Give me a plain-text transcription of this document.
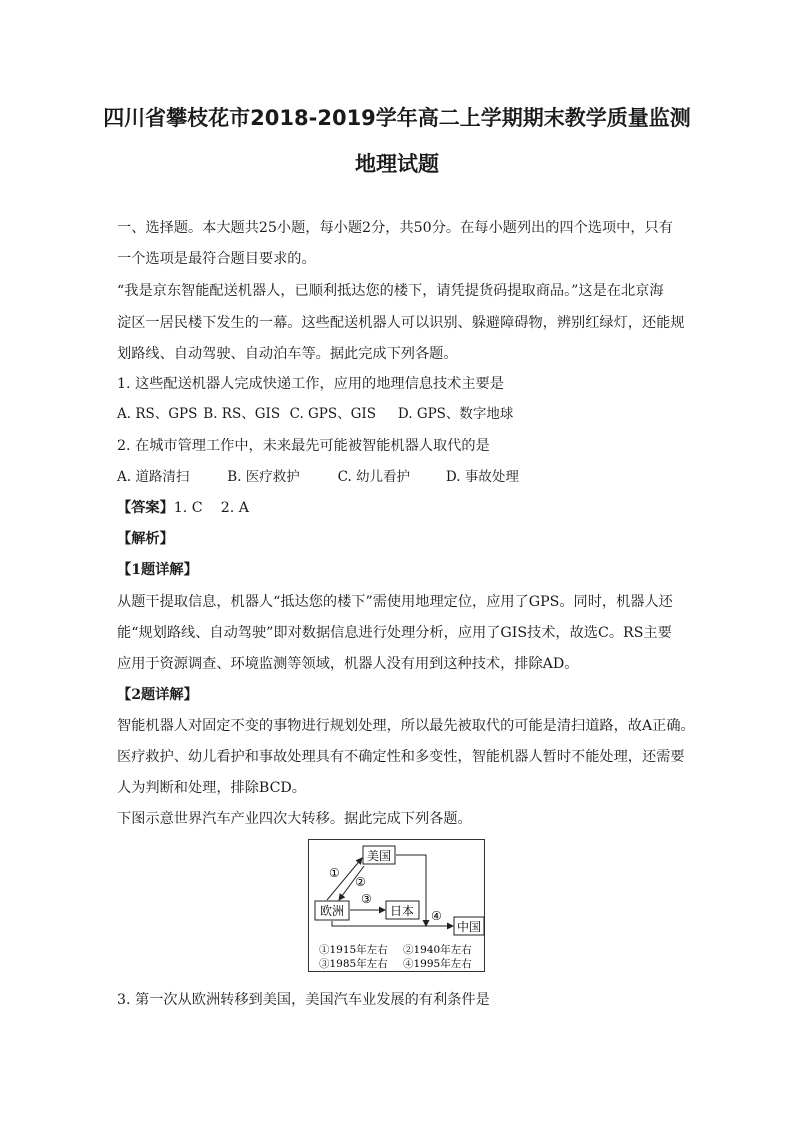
四川省攀枝花市2018-2019学年高二上学期期末教学质量监测
地理试题
一、选择题。本大题共25小题，每小题2分，共50分。在每小题列出的四个选项中，只有
一个选项是最符合题目要求的。
“我是京东智能配送机器人，已顺利抵达您的楼下，请凭提货码提取商品。”这是在北京海
淀区一居民楼下发生的一幕。这些配送机器人可以识别、躲避障碍物，辨别红绿灯，还能规
划路线、自动驾驶、自动泊车等。据此完成下列各题。
1. 这些配送机器人完成快递工作，应用的地理信息技术主要是
A. RS、GPS B. RS、GIS C. GPS、GIS D. GPS、数字地球
2. 在城市管理工作中，未来最先可能被智能机器人取代的是
A. 道路清扫	B. 医疗救护	C. 幼儿看护	D. 事故处理
【答案】1. C    2. A
【解析】
【1题详解】
从题干提取信息，机器人“抵达您的楼下”需使用地理定位，应用了GPS。同时，机器人还
能“规划路线、自动驾驶”即对数据信息进行处理分析，应用了GIS技术，故选C。RS主要
应用于资源调查、环境监测等领域，机器人没有用到这种技术，排除AD。
【2题详解】
智能机器人对固定不变的事物进行规划处理，所以最先被取代的可能是清扫道路，故A正确。
医疗救护、幼儿看护和事故处理具有不确定性和多变性，智能机器人暂时不能处理，还需要
人为判断和处理，排除BCD。
下图示意世界汽车产业四次大转移。据此完成下列各题。
美国
欧洲	日本
中国
①
②
③
④
①1915年左右 ②1940年左右
③1985年左右 ④1995年左右
3. 第一次从欧洲转移到美国，美国汽车业发展的有利条件是
